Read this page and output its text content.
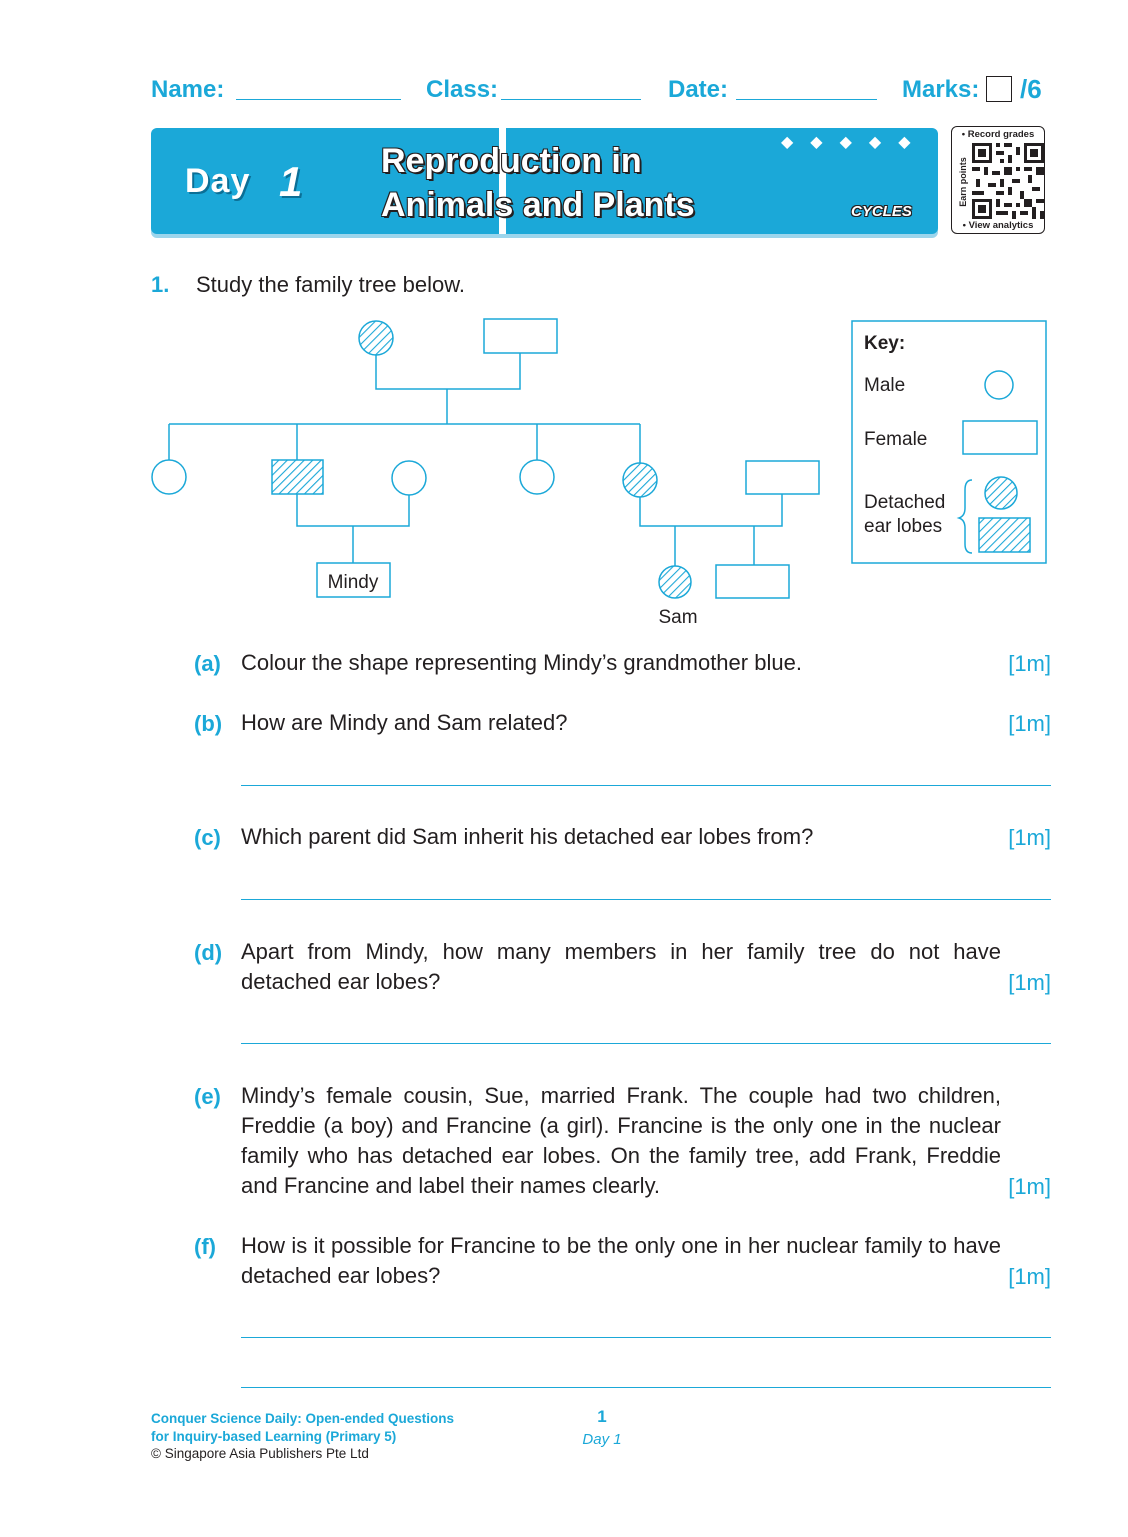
Name:	Class:	Date:	Marks: /6
Day 1 Reproduction in
Animals and Plants
◆◆◆◆◆
CYCLES
• Record grades
Earn points
• View analytics
1. Study the family tree below.
Mindy
Sam
Key:
Male
Female
Detached
ear lobes
(a) Colour the shape representing Mindy’s grandmother blue.	[1m]
(b) How are Mindy and Sam related?	[1m]
(c) Which parent did Sam inherit his detached ear lobes from?	[1m]
(d) Apart from Mindy, how many members in her family tree do not have detached ear lobes?	[1m]
(e) Mindy’s female cousin, Sue, married Frank. The couple had two children, Freddie (a boy) and Francine (a girl). Francine is the only one in the nuclear family who has detached ear lobes. On the family tree, add Frank, Freddie and Francine and label their names clearly.	[1m]
(f) How is it possible for Francine to be the only one in her nuclear family to have detached ear lobes?	[1m]
Conquer Science Daily: Open-ended Questions
for Inquiry-based Learning (Primary 5)
© Singapore Asia Publishers Pte Ltd
1
Day 1
